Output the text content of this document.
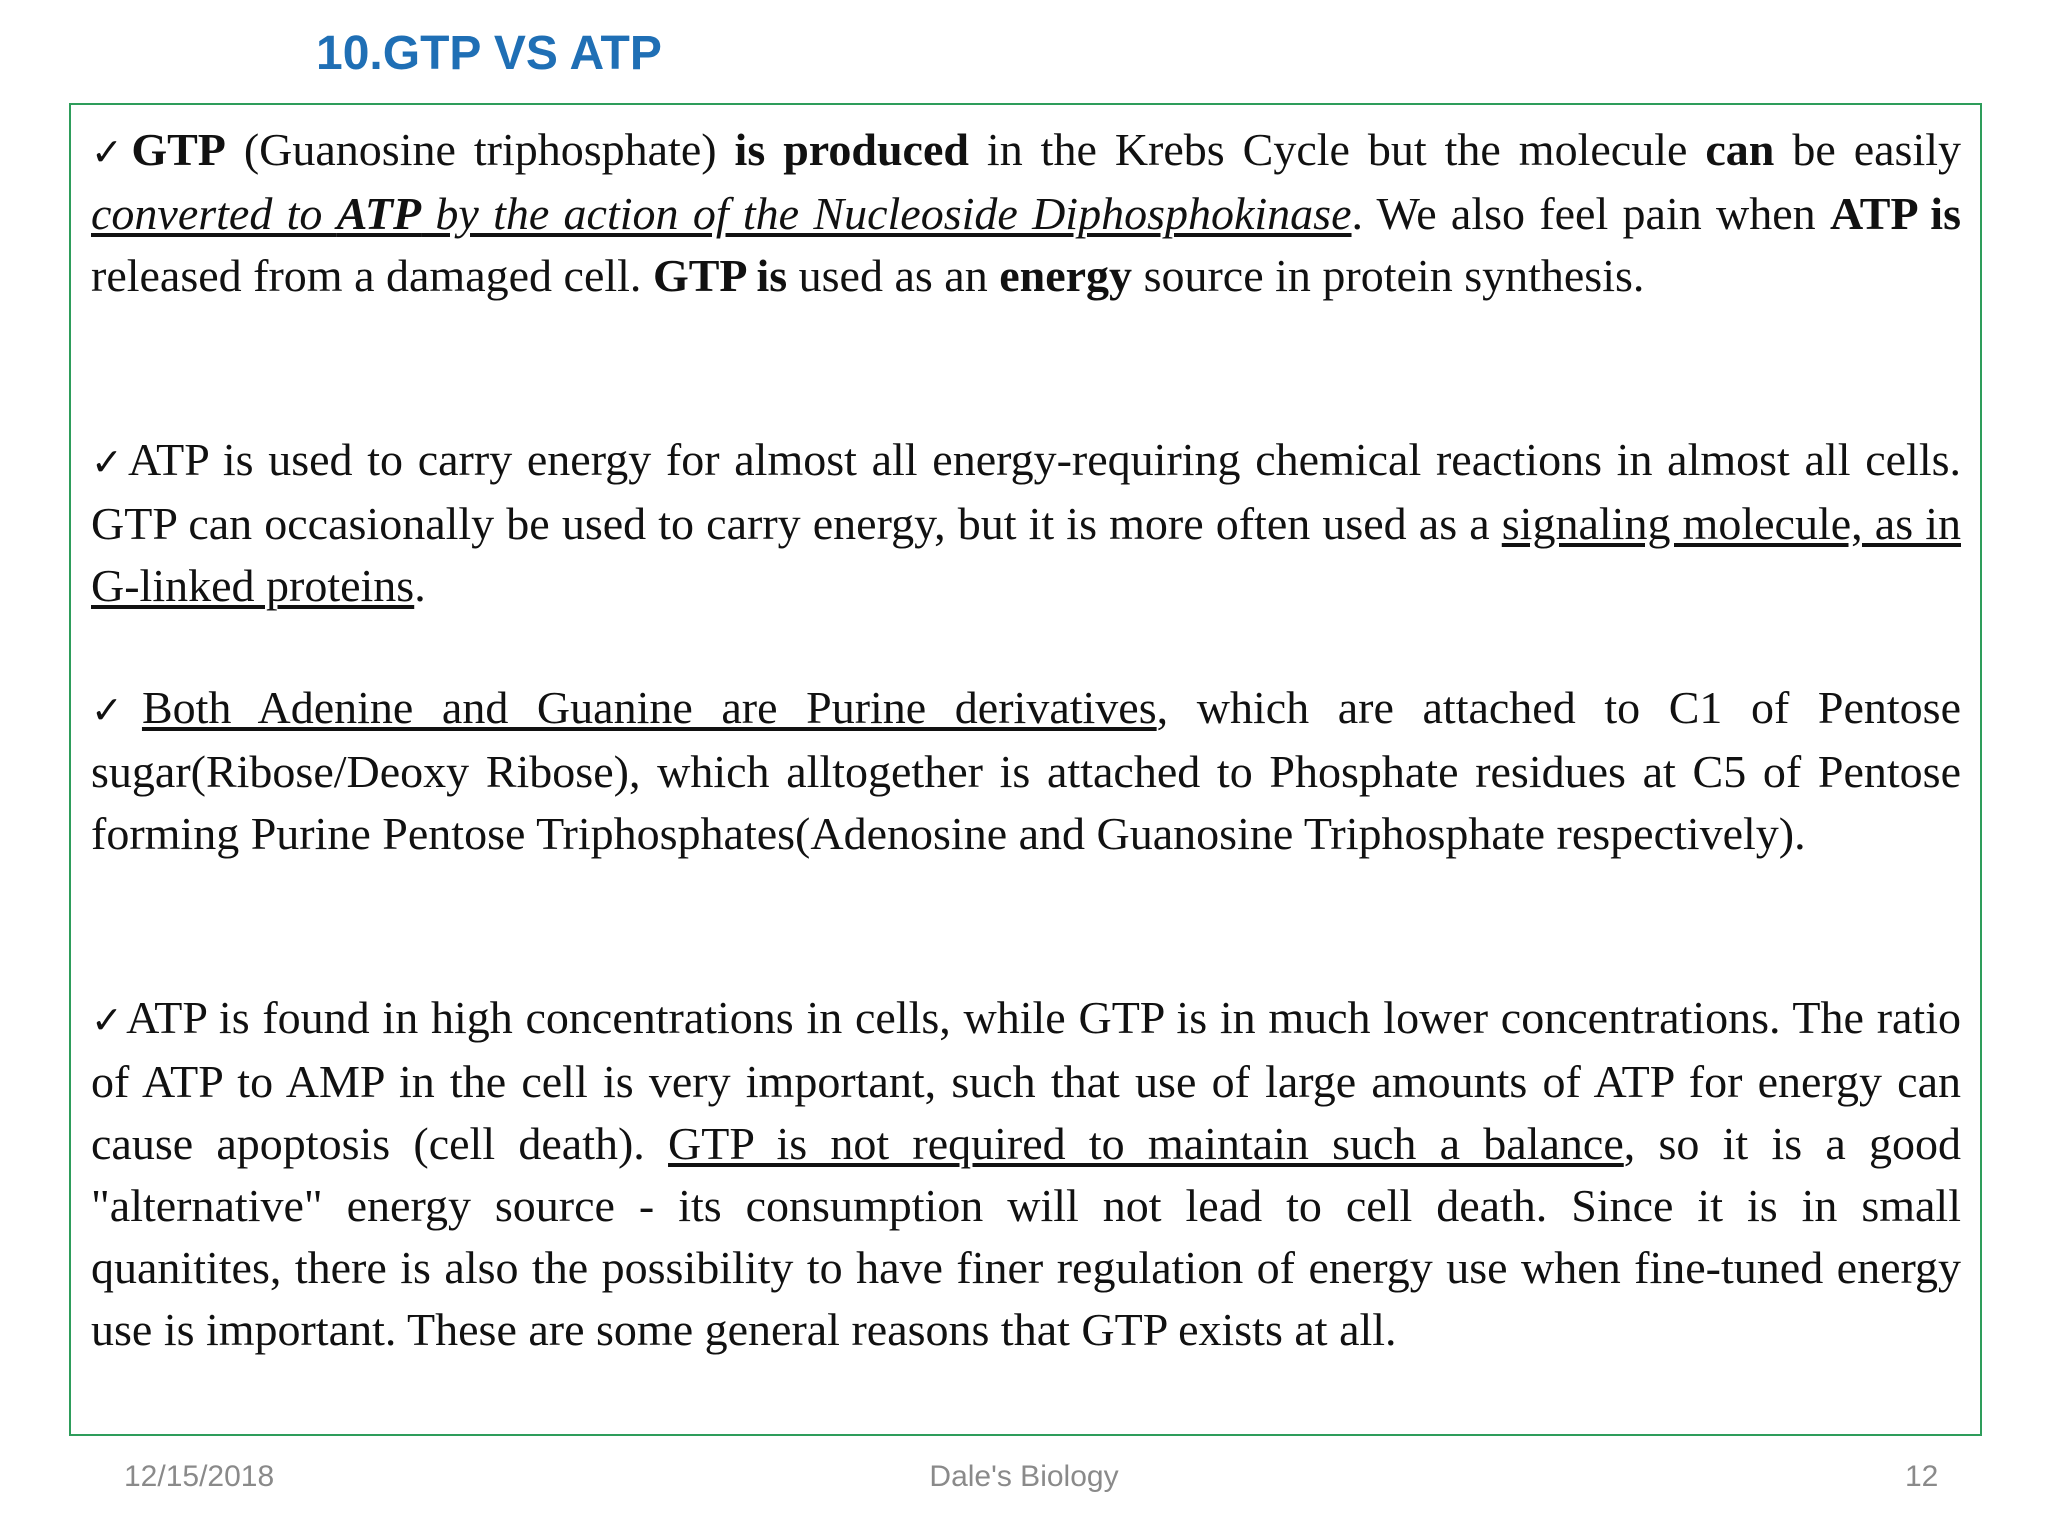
10.GTP VS ATP

✓GTP (Guanosine triphosphate) is produced in the Krebs Cycle but the molecule can be easily converted to ATP by the action of the Nucleoside Diphosphokinase. We also feel pain when ATP is released from a damaged cell. GTP is used as an energy source in protein synthesis.

✓ATP is used to carry energy for almost all energy-requiring chemical reactions in almost all cells. GTP can occasionally be used to carry energy, but it is more often used as a signaling molecule, as in G-linked proteins.

✓Both Adenine and Guanine are Purine derivatives, which are attached to C1 of Pentose sugar(Ribose/Deoxy Ribose), which alltogether is attached to Phosphate residues at C5 of Pentose forming Purine Pentose Triphosphates(Adenosine and Guanosine Triphosphate respectively).

✓ATP is found in high concentrations in cells, while GTP is in much lower concentrations. The ratio of ATP to AMP in the cell is very important, such that use of large amounts of ATP for energy can cause apoptosis (cell death). GTP is not required to maintain such a balance, so it is a good "alternative" energy source - its consumption will not lead to cell death. Since it is in small quanitites, there is also the possibility to have finer regulation of energy use when fine-tuned energy use is important. These are some general reasons that GTP exists at all.

12/15/2018	Dale's Biology	12
